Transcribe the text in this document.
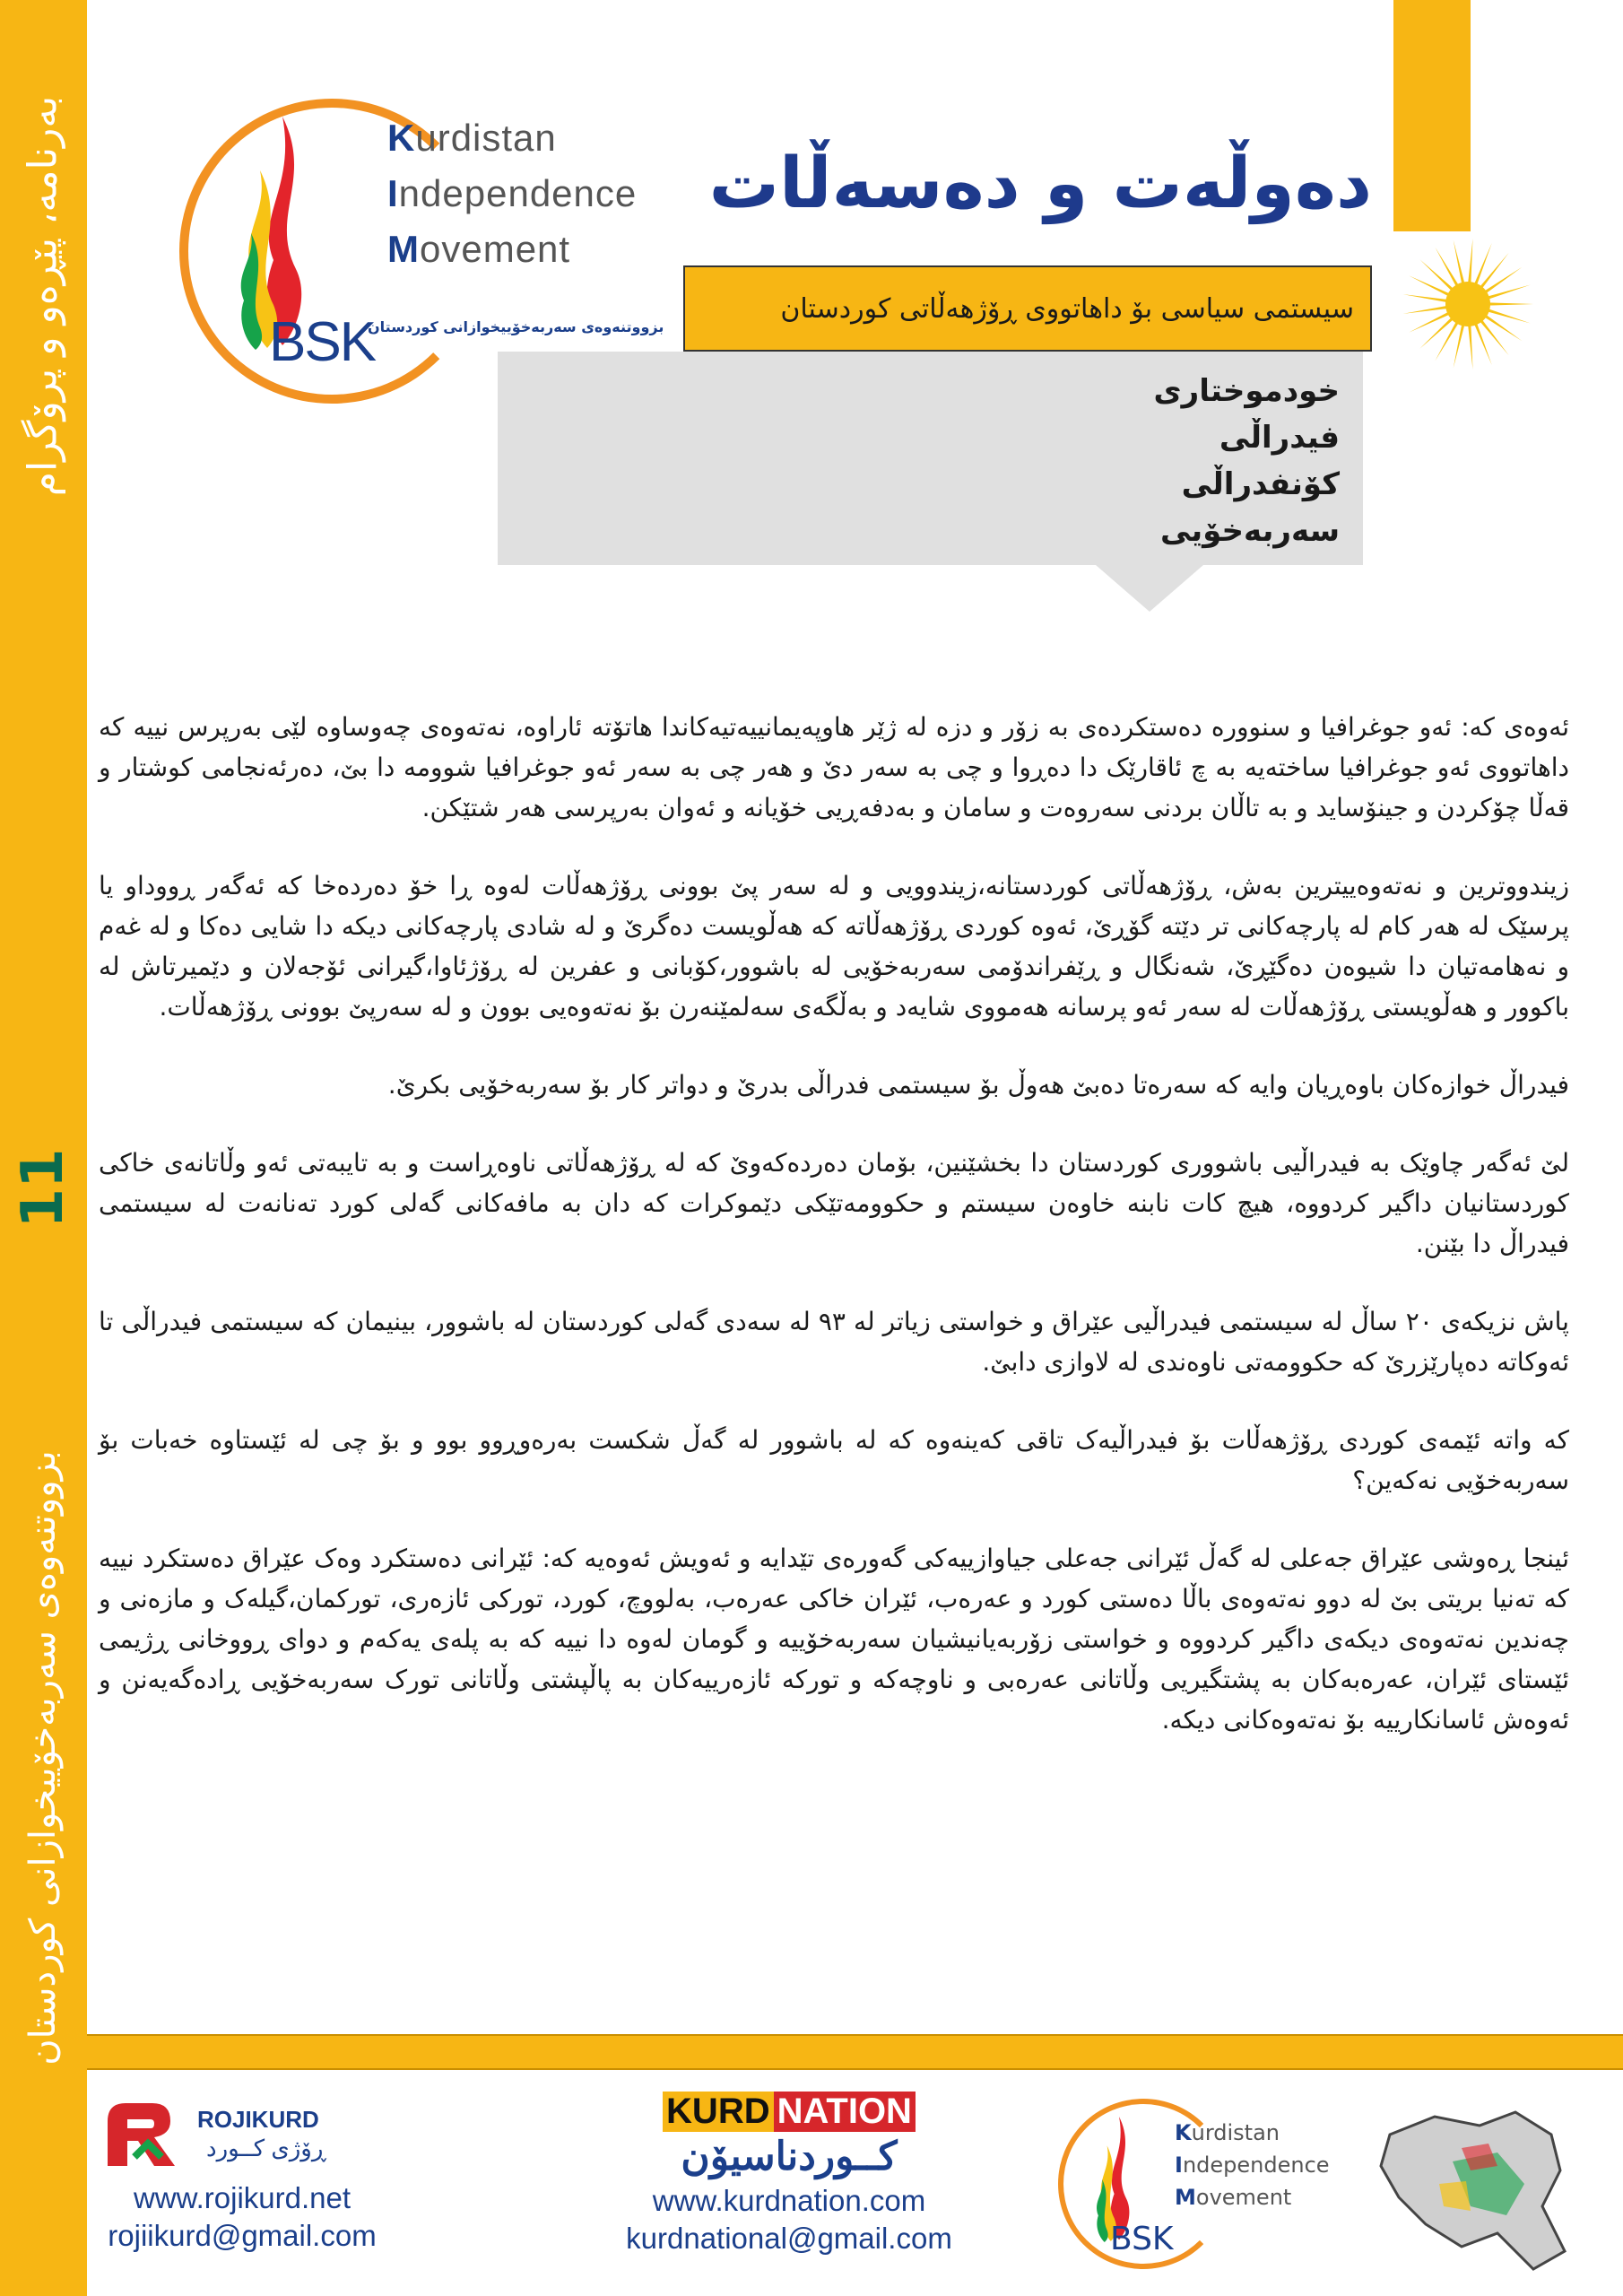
بەرنامە، پێڕەو و پرۆگرام
11
بزووتنەوەی سەربەخۆییخوازانی کوردستان
Kurdistan
Independence
Movement
بزووتنەوەی سەربەخۆییخوازانی کوردستان
BSK
دەوڵەت و دەسەڵات
سیستمی سیاسی بۆ داهاتووی ڕۆژهەڵاتی کوردستان
خودموختاری
فیدراڵی
کۆنفدراڵی
سەربەخۆیی

ئەوەی کە: ئەو جوغرافیا و سنوورە دەستکردەی بە زۆر و دزە لە ژێر هاوپەیمانییەتیەکاندا هاتۆتە ئاراوە، نەتەوەی چەوساوە لێی بەرپرس نییە کە داهاتووی ئەو جوغرافیا ساختەیە بە چ ئاقارێک دا دەڕوا و چی بە سەر دێ و هەر چی بە سەر ئەو جوغرافیا شوومە دا بێ، دەرئەنجامی کوشتار و قەڵا چۆکردن و جینۆساید و بە تاڵان بردنی سەروەت و سامان و بەدفەڕیی خۆیانە و ئەوان بەرپرسی هەر شتێکن.

زیندووترین و نەتەوەییترین بەش، ڕۆژهەڵاتی کوردستانە،زیندوویی و لە سەر پێ بوونی ڕۆژهەڵات لەوە ڕا خۆ دەردەخا کە ئەگەر ڕووداو یا پرسێک لە هەر کام لە پارچەکانی تر دێتە گۆڕێ، ئەوە کوردی ڕۆژهەڵاتە کە هەڵویست دەگرێ و لە شادی پارچەکانی دیکە دا شایی دەکا و لە غەم و نەهامەتیان دا شیوەن دەگێڕێ، شەنگال و ڕێفراندۆمی سەربەخۆیی لە باشوور،کۆبانی و عفرین لە ڕۆژئاوا،گیرانی ئۆجەلان و دێمیرتاش لە باکوور و هەڵویستی ڕۆژهەڵات لە سەر ئەو پرسانە هەمووی شایەد و بەڵگەی سەلمێنەرن بۆ نەتەوەیی بوون و لە سەرپێ بوونی ڕۆژهەڵات.

فیدراڵ خوازەکان باوەڕیان وایە کە سەرەتا دەبێ هەوڵ بۆ سیستمی فدراڵی بدرێ و دواتر کار بۆ سەربەخۆیی بکرێ.

لێ ئەگەر چاوێک بە فیدراڵیی باشووری کوردستان دا بخشێنین، بۆمان دەردەکەوێ کە لە ڕۆژهەڵاتی ناوەڕاست و بە تایبەتی ئەو وڵاتانەی خاکی کوردستانیان داگیر کردووە، هیچ کات نابنە خاوەن سیستم و حکوومەتێکی دێموکرات کە دان بە مافەکانی گەلی کورد تەنانەت لە سیستمی فیدراڵ دا بێنن.

پاش نزیکەی ٢٠ ساڵ لە سیستمی فیدراڵیی عێراق و خواستی زیاتر لە ٩٣ لە سەدی گەلی کوردستان لە باشوور، بینیمان کە سیستمی فیدراڵی تا ئەوکاتە دەپارێزرێ کە حکوومەتی ناوەندی لە لاوازی دابێ.

کە واتە ئێمەی کوردی ڕۆژهەڵات بۆ فیدراڵیەک تاقی کەینەوە کە لە باشوور لە گەڵ شکست بەرەوڕوو بوو و بۆ چی لە ئێستاوە خەبات بۆ سەربەخۆیی نەکەین؟

ئینجا ڕەوشی عێراق جەعلی لە گەڵ ئێرانی جەعلی جیاوازییەکی گەورەی تێدایە و ئەویش ئەوەیە کە: ئێرانی دەستکرد وەک عێراق دەستکرد نییە کە تەنیا بریتی بێ لە دوو نەتەوەی باڵا دەستی کورد و عەرەب، ئێران خاکی عەرەب، بەلووچ، کورد، تورکی ئازەری، تورکمان،گیلەک و مازەنی و چەندین نەتەوەی دیکەی داگیر کردووە و خواستی زۆربەیانیشیان سەربەخۆییە و گومان لەوە دا نییە کە بە پلەی یەکەم و دوای ڕووخانی ڕژیمی ئێستای ئێران، عەرەبەکان بە پشتگیریی وڵاتانی عەرەبی و ناوچەکە و تورکە ئازەرییەکان بە پاڵپشتی وڵاتانی تورک سەربەخۆیی ڕادەگەیەنن و ئەوەش ئاسانکارییە بۆ نەتەوەکانی دیکە.

ROJIKURD
ڕۆژی کــورد
www.rojikurd.net
rojiikurd@gmail.com
KURD NATION
کــوردناسیۆن
www.kurdnation.com
kurdnational@gmail.com
Kurdistan
Independence
Movement
BSK
